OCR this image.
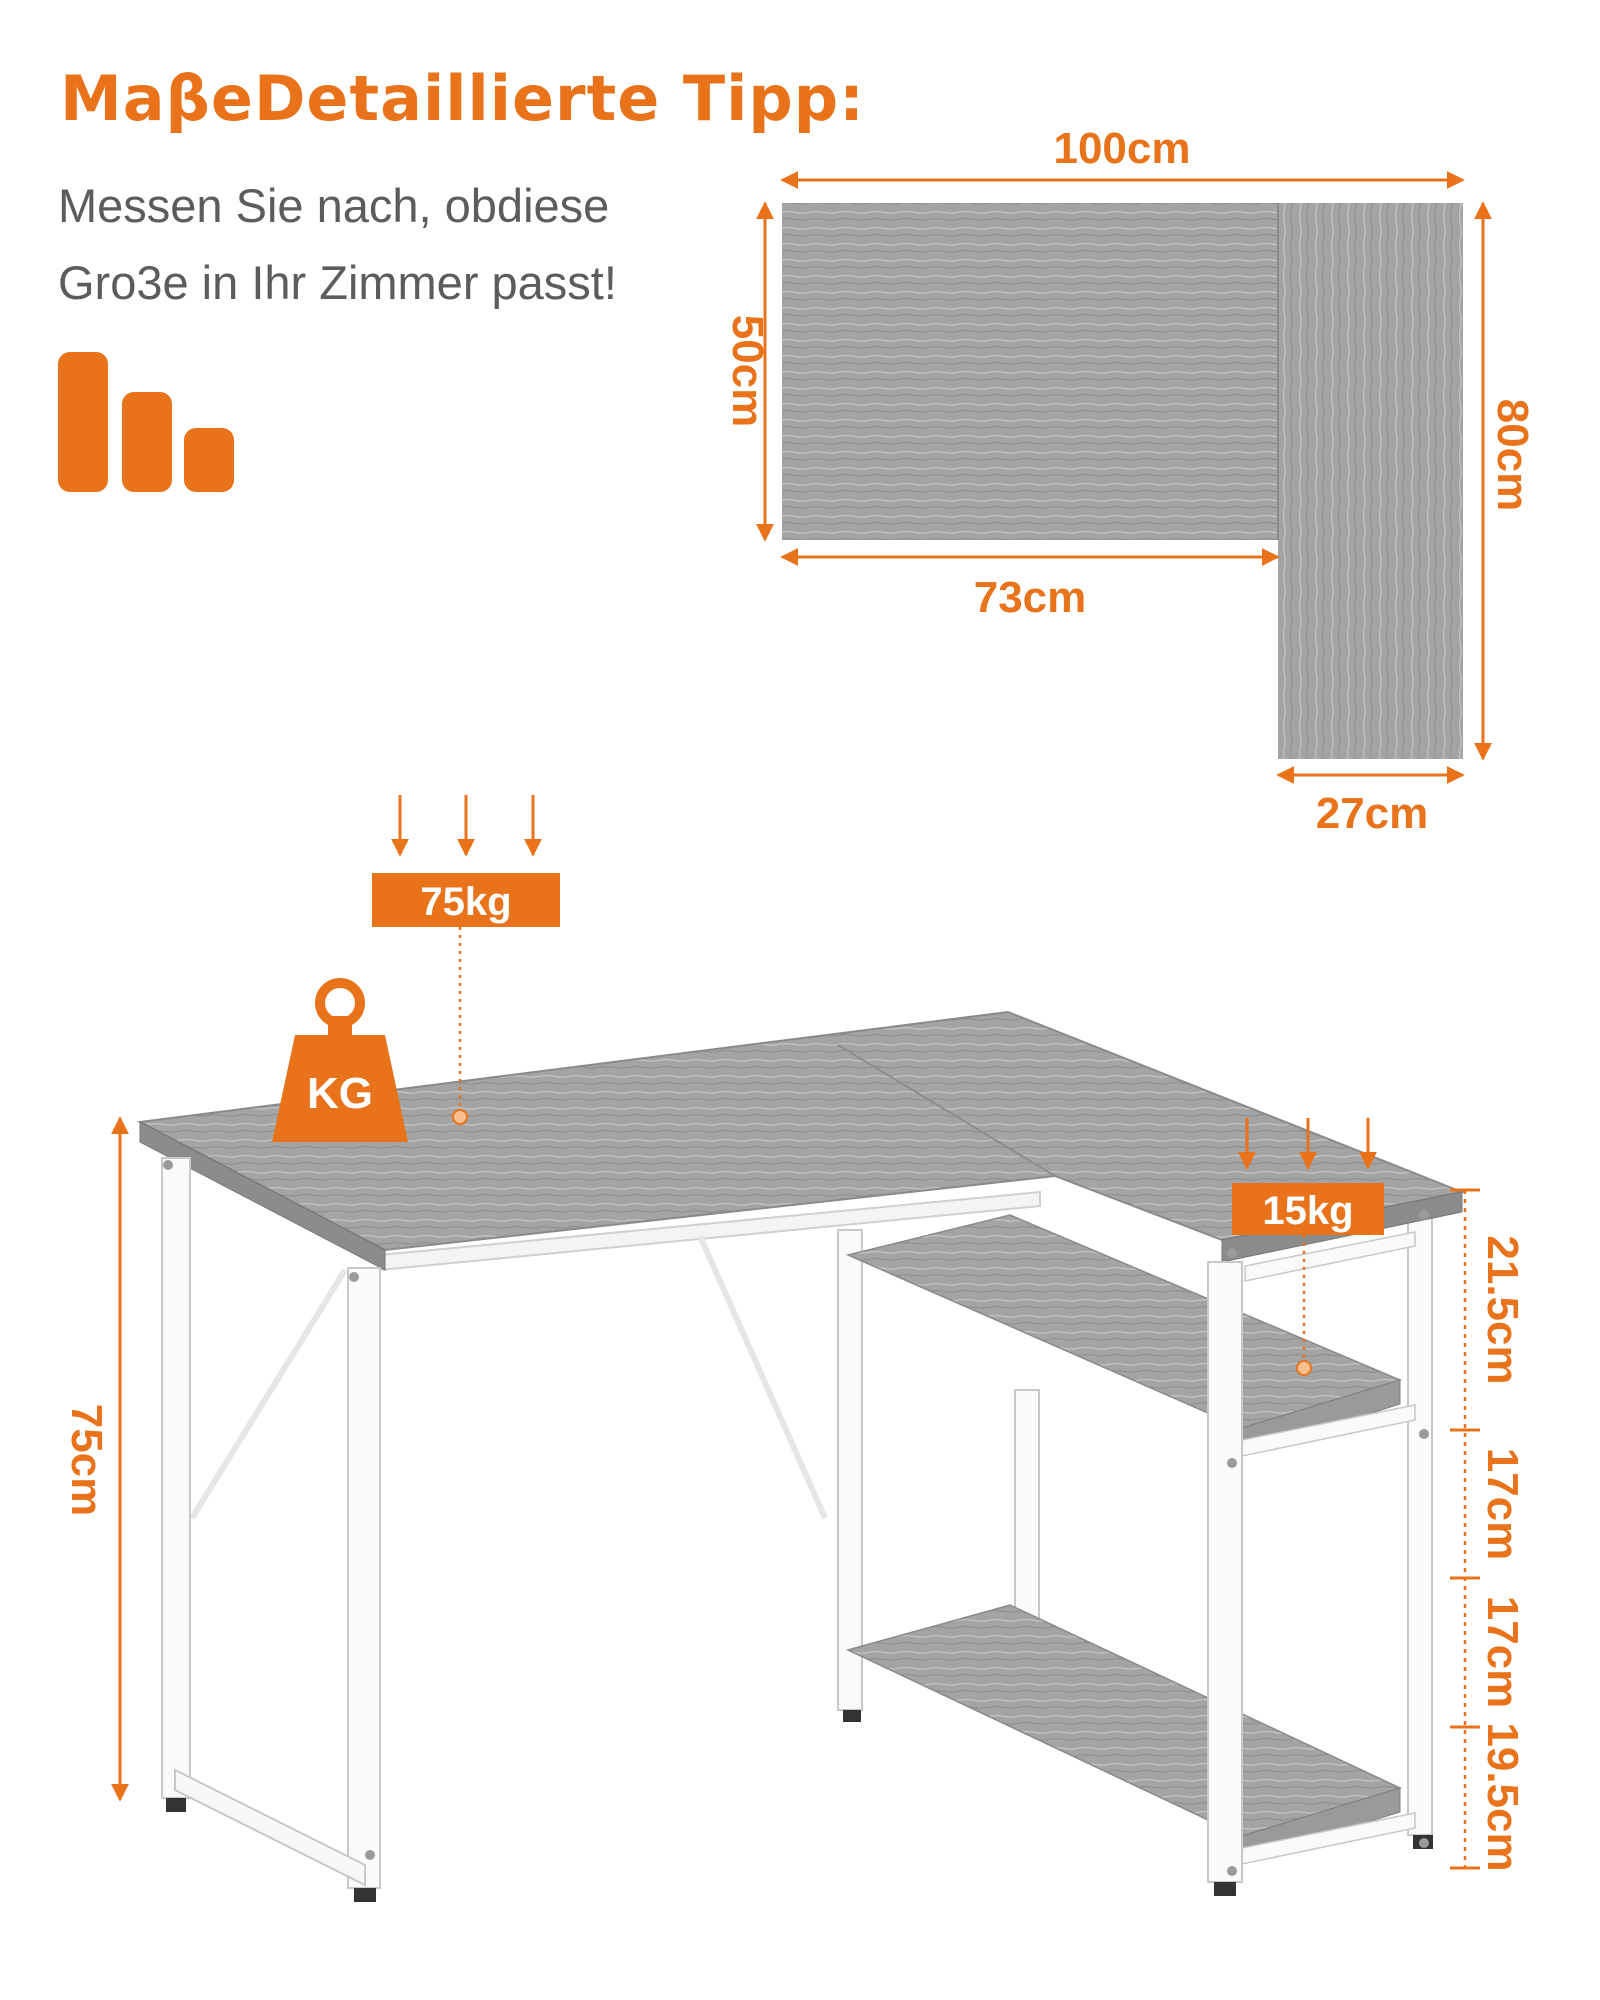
MaβeDetaillierte Tipp:
Messen Sie nach, obdiese
Gro3e in Ihr Zimmer passt!
100cm
50cm
80cm
73cm
27cm
75kg
KG
15kg
75cm
21.5cm
17cm
17cm
19.5cm
